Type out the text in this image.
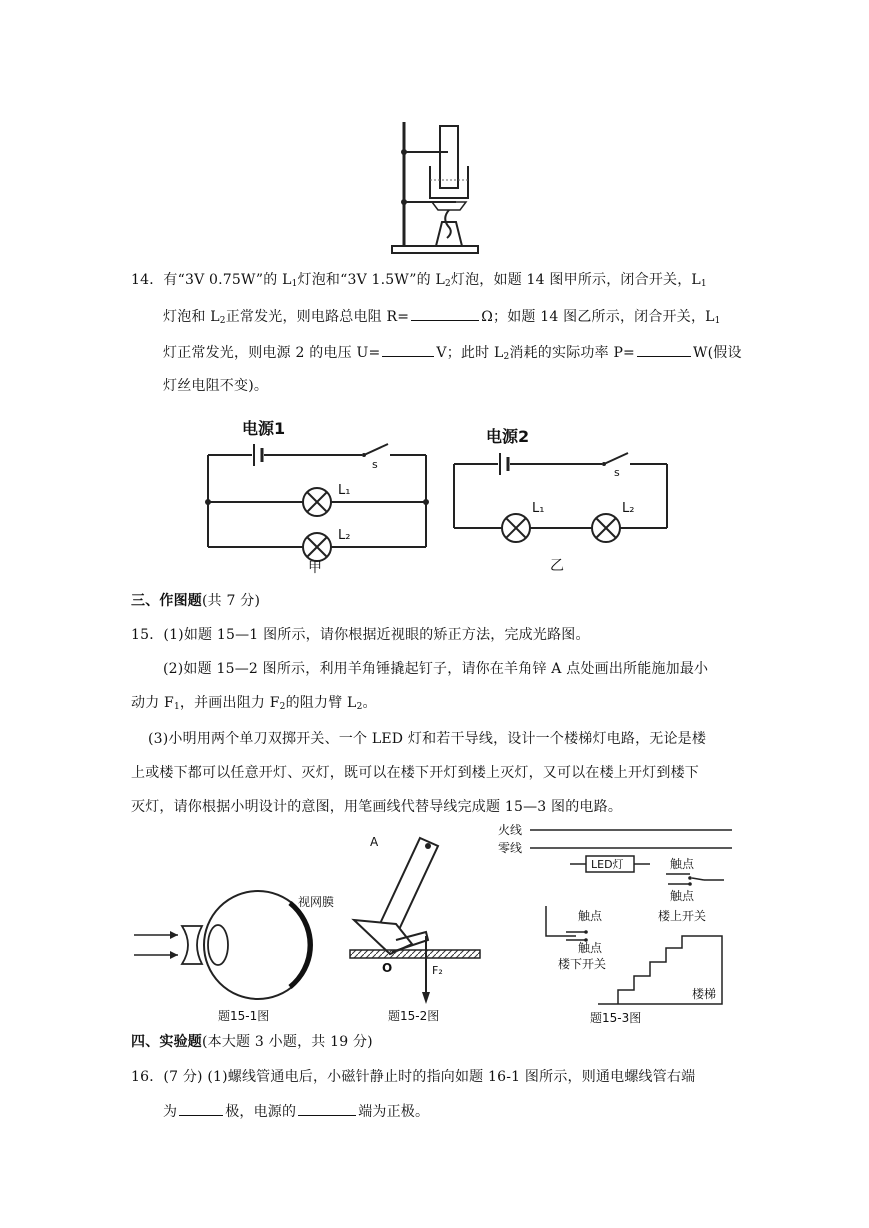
14．有“3V 0.75W”的 $L_1$灯泡和“3V 1.5W”的 $L_2$灯泡，如题 14 图甲所示，闭合开关，$L_1$
灯泡和 $L_2$正常发光，则电路总电阻 R=	Ω；如题 14 图乙所示，闭合开关，$L_1$
灯正常发光，则电源 2 的电压 U=	V；此时 $L_2$消耗的实际功率 P=	W(假设
灯丝电阻不变)。
电源1
s
L₁
L₂
甲
电源2
s
L₁	L₂
乙
三、作图题(共 7 分)
15．(1)如题 15—1 图所示，请你根据近视眼的矫正方法，完成光路图。
(2)如题 15—2 图所示，利用羊角锤撬起钉子，请你在羊角锌 A 点处画出所能施加最小
动力 $F_1$，并画出阻力 $F_2$的阻力臂 $L_2$。
(3)小明用两个单刀双掷开关、一个 LED 灯和若干导线，设计一个楼梯灯电路，无论是楼
上或楼下都可以任意开灯、灭灯，既可以在楼下开灯到楼上灭灯，又可以在楼上开灯到楼下
灭灯，请你根据小明设计的意图，用笔画线代替导线完成题 15—3 图的电路。
视网膜
题15-1图
A
F₂
O
题15-2图
火线
零线
LED灯	触点
触点
楼上开关
触点
触点
楼下开关
楼梯
题15-3图
四、实验题(本大题 3 小题，共 19 分)
16．(7 分) (1)螺线管通电后，小磁针静止时的指向如题 16-1 图所示，则通电螺线管右端
为	极，电源的	端为正极。
